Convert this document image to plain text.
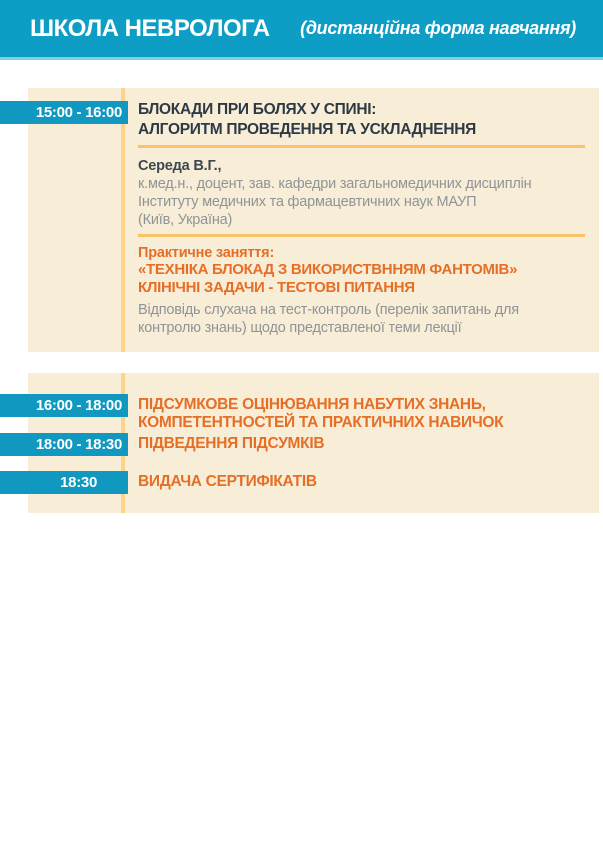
ШКОЛА НЕВРОЛОГА (дистанційна форма навчання)
15:00 - 16:00 БЛОКАДИ ПРИ БОЛЯХ У СПИНІ:
АЛГОРИТМ ПРОВЕДЕННЯ ТА УСКЛАДНЕННЯ
Середа В.Г.,
к.мед.н., доцент, зав. кафедри загальномедичних дисциплін
Інституту медичних та фармацевтичних наук МАУП
(Київ, Україна)
Практичне заняття:
«ТЕХНІКА БЛОКАД З ВИКОРИСТВННЯМ ФАНТОМІВ»
КЛІНІЧНІ ЗАДАЧИ - ТЕСТОВІ ПИТАННЯ
Відповідь слухача на тест-контроль (перелік запитань для
контролю знань) щодо представленої теми лекції
16:00 - 18:00 ПІДСУМКОВЕ ОЦІНЮВАННЯ НАБУТИХ ЗНАНЬ,
КОМПЕТЕНТНОСТЕЙ ТА ПРАКТИЧНИХ НАВИЧОК
18:00 - 18:30 ПІДВЕДЕННЯ ПІДСУМКІВ
18:30	ВИДАЧА СЕРТИФІКАТІВ
